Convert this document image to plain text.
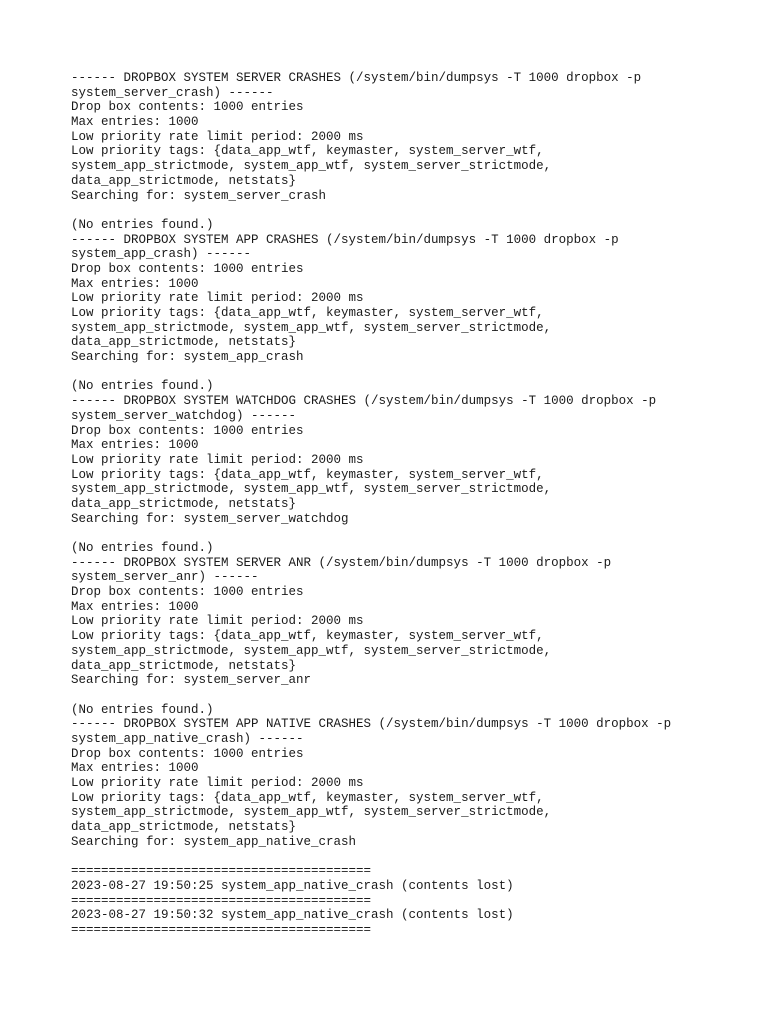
------ DROPBOX SYSTEM SERVER CRASHES (/system/bin/dumpsys -T 1000 dropbox -p
system_server_crash) ------
Drop box contents: 1000 entries
Max entries: 1000
Low priority rate limit period: 2000 ms
Low priority tags: {data_app_wtf, keymaster, system_server_wtf,
system_app_strictmode, system_app_wtf, system_server_strictmode,
data_app_strictmode, netstats}
Searching for: system_server_crash
(No entries found.)
------ DROPBOX SYSTEM APP CRASHES (/system/bin/dumpsys -T 1000 dropbox -p
system_app_crash) ------
Drop box contents: 1000 entries
Max entries: 1000
Low priority rate limit period: 2000 ms
Low priority tags: {data_app_wtf, keymaster, system_server_wtf,
system_app_strictmode, system_app_wtf, system_server_strictmode,
data_app_strictmode, netstats}
Searching for: system_app_crash
(No entries found.)
------ DROPBOX SYSTEM WATCHDOG CRASHES (/system/bin/dumpsys -T 1000 dropbox -p
system_server_watchdog) ------
Drop box contents: 1000 entries
Max entries: 1000
Low priority rate limit period: 2000 ms
Low priority tags: {data_app_wtf, keymaster, system_server_wtf,
system_app_strictmode, system_app_wtf, system_server_strictmode,
data_app_strictmode, netstats}
Searching for: system_server_watchdog
(No entries found.)
------ DROPBOX SYSTEM SERVER ANR (/system/bin/dumpsys -T 1000 dropbox -p
system_server_anr) ------
Drop box contents: 1000 entries
Max entries: 1000
Low priority rate limit period: 2000 ms
Low priority tags: {data_app_wtf, keymaster, system_server_wtf,
system_app_strictmode, system_app_wtf, system_server_strictmode,
data_app_strictmode, netstats}
Searching for: system_server_anr
(No entries found.)
------ DROPBOX SYSTEM APP NATIVE CRASHES (/system/bin/dumpsys -T 1000 dropbox -p
system_app_native_crash) ------
Drop box contents: 1000 entries
Max entries: 1000
Low priority rate limit period: 2000 ms
Low priority tags: {data_app_wtf, keymaster, system_server_wtf,
system_app_strictmode, system_app_wtf, system_server_strictmode,
data_app_strictmode, netstats}
Searching for: system_app_native_crash
========================================
2023-08-27 19:50:25 system_app_native_crash (contents lost)
========================================
2023-08-27 19:50:32 system_app_native_crash (contents lost)
========================================
